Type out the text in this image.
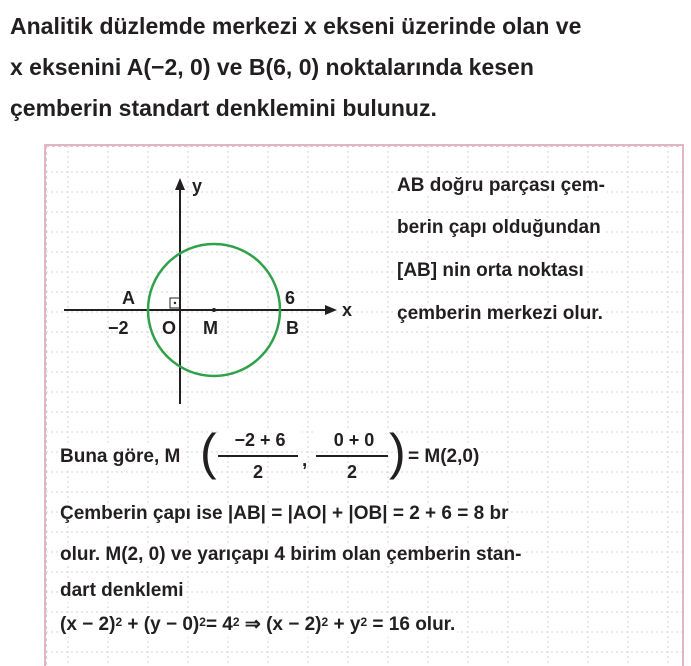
Analitik düzlemde merkezi x ekseni üzerinde olan ve
x eksenini A(−2, 0) ve B(6, 0) noktalarında kesen
çemberin standart denklemini bulunuz.
y
x
A	6
−2 O M	B
AB doğru parçası çem-
berin çapı olduğundan
[AB] nin orta noktası
çemberin merkezi olur.
Buna göre, M ( −2 + 6
2
,
0 + 0
2 ) = M(2,0)
Çemberin çapı ise |AB| = |AO| + |OB| = 2 + 6 = 8 br
olur. M(2, 0) ve yarıçapı 4 birim olan çemberin stan-
dart denklemi
$(x - 2)^2 + (y - 0)^2= 4^2$ ⇒ $(x - 2)^2 + y^2 = 16$ olur.
